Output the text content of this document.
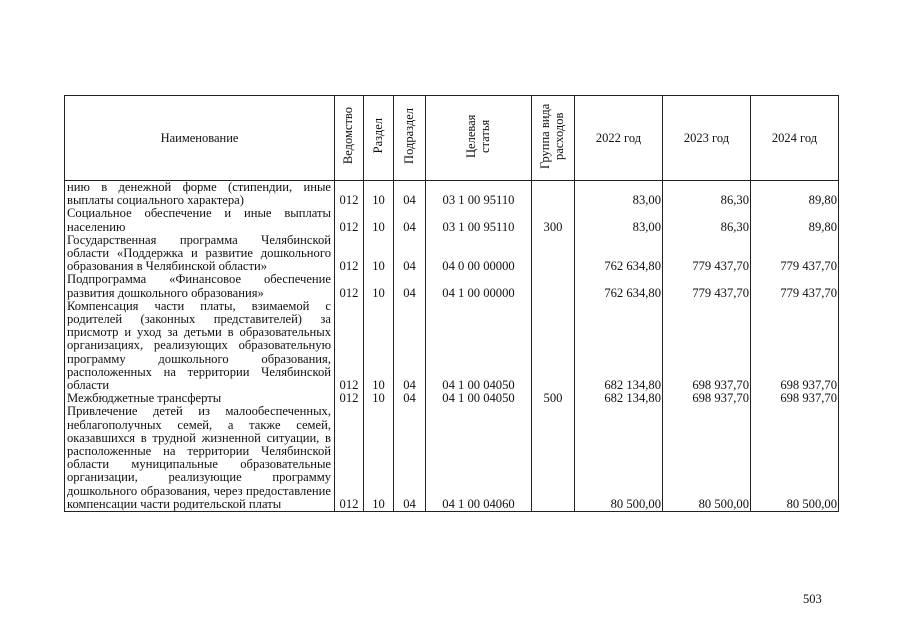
Наименование	Ведомство	Раздел	Подраздел	Целевая статья	Группа вида расходов	2022 год	2023 год	2024 год
нию в денежной форме (стипендии, иные выплаты социального характера)	012	10	04	03 1 00 95110		83,00	86,30	89,80
Социальное обеспечение и иные выплаты населению	012	10	04	03 1 00 95110	300	83,00	86,30	89,80
Государственная программа Челябинской области «Поддержка и развитие дошкольного образования в Челябинской области»	012	10	04	04 0 00 00000		762 634,80	779 437,70	779 437,70
Подпрограмма «Финансовое обеспечение развития дошкольного образования»	012	10	04	04 1 00 00000		762 634,80	779 437,70	779 437,70
Компенсация части платы, взимаемой с родителей (законных представителей) за присмотр и уход за детьми в образовательных организациях, реализующих образовательную программу дошкольного образования, расположенных на территории Челябинской области	012	10	04	04 1 00 04050		682 134,80	698 937,70	698 937,70
Межбюджетные трансферты	012	10	04	04 1 00 04050	500	682 134,80	698 937,70	698 937,70
Привлечение детей из малообеспеченных, неблагополучных семей, а также семей, оказавшихся в трудной жизненной ситуации, в расположенные на территории Челябинской области муниципальные образовательные организации, реализующие программу дошкольного образования, через предоставление компенсации части родительской платы	012	10	04	04 1 00 04060		80 500,00	80 500,00	80 500,00
503
